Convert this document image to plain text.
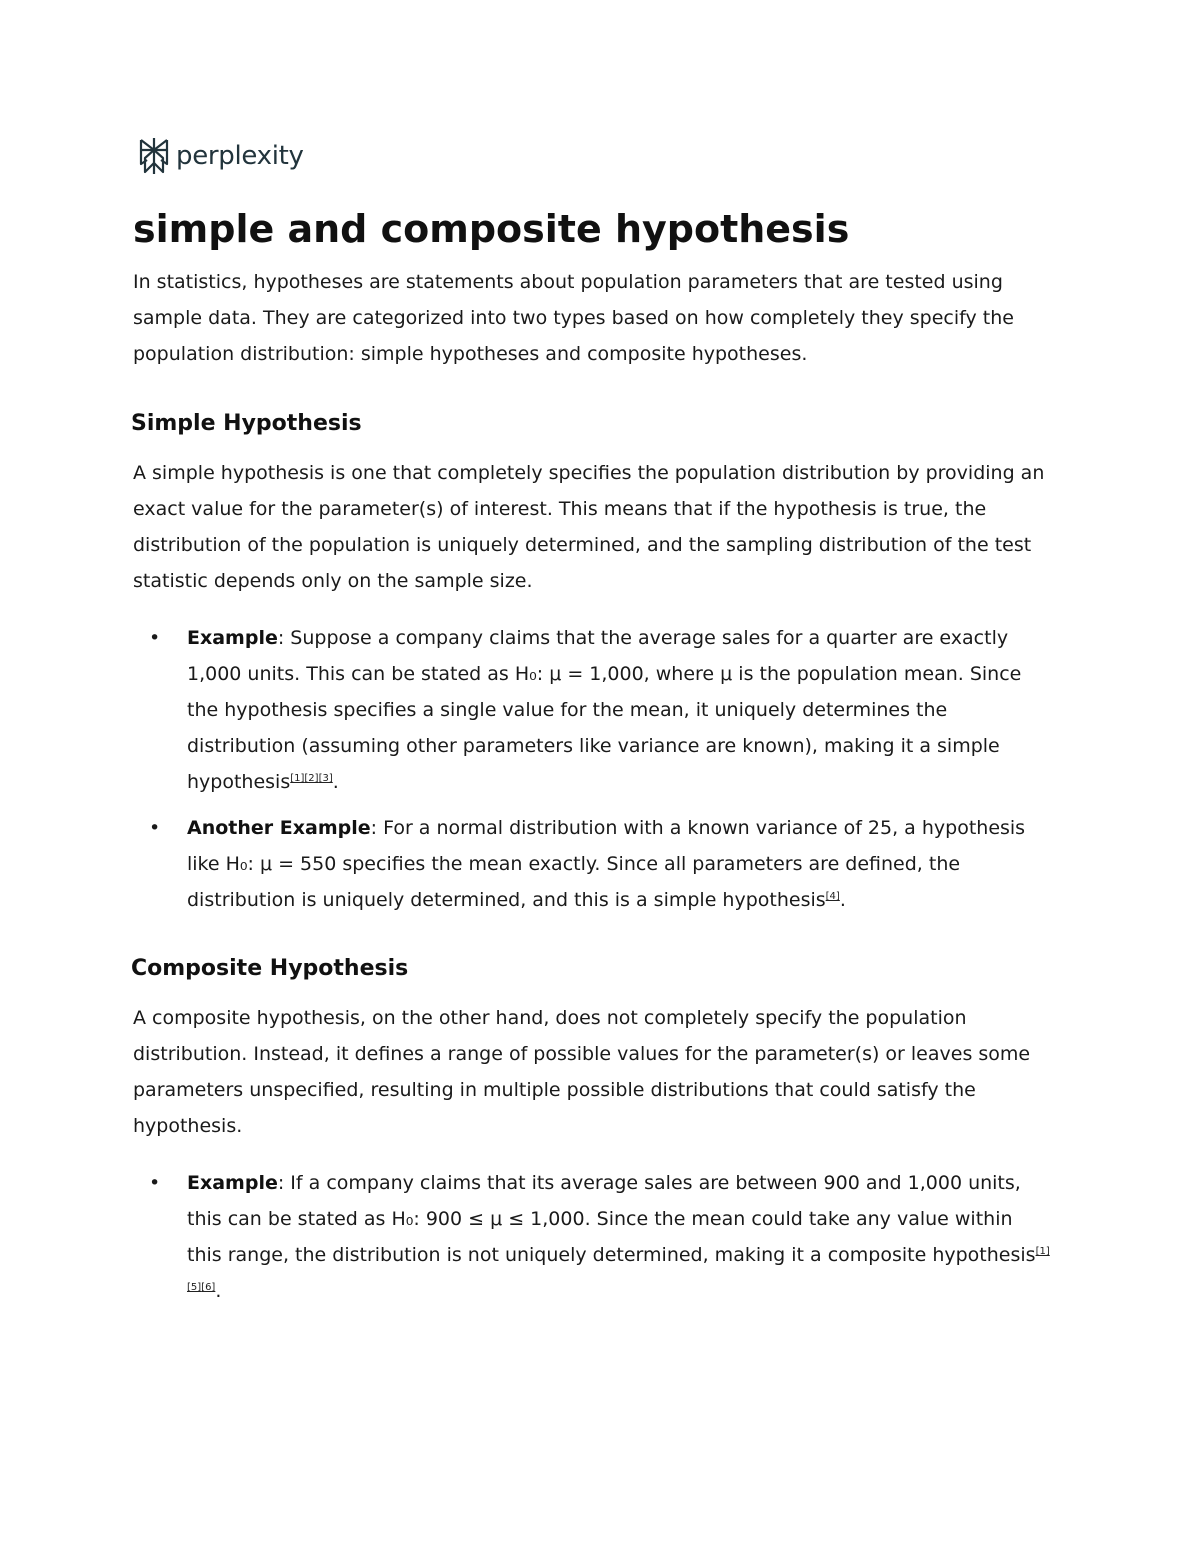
perplexity
simple and composite hypothesis

In statistics, hypotheses are statements about population parameters that are tested using sample data. They are categorized into two types based on how completely they specify the population distribution: simple hypotheses and composite hypotheses.

Simple Hypothesis

A simple hypothesis is one that completely specifies the population distribution by providing an exact value for the parameter(s) of interest. This means that if the hypothesis is true, the distribution of the population is uniquely determined, and the sampling distribution of the test statistic depends only on the sample size.

• Example: Suppose a company claims that the average sales for a quarter are exactly 1,000 units. This can be stated as H₀: μ = 1,000, where μ is the population mean. Since the hypothesis specifies a single value for the mean, it uniquely determines the distribution (assuming other parameters like variance are known), making it a simple hypothesis[1][2][3].
• Another Example: For a normal distribution with a known variance of 25, a hypothesis like H₀: μ = 550 specifies the mean exactly. Since all parameters are defined, the distribution is uniquely determined, and this is a simple hypothesis[4].
Composite Hypothesis

A composite hypothesis, on the other hand, does not completely specify the population distribution. Instead, it defines a range of possible values for the parameter(s) or leaves some parameters unspecified, resulting in multiple possible distributions that could satisfy the hypothesis.

• Example: If a company claims that its average sales are between 900 and 1,000 units, this can be stated as H₀: 900 ≤ μ ≤ 1,000. Since the mean could take any value within this range, the distribution is not uniquely determined, making it a composite hypothesis[1][5][6].
